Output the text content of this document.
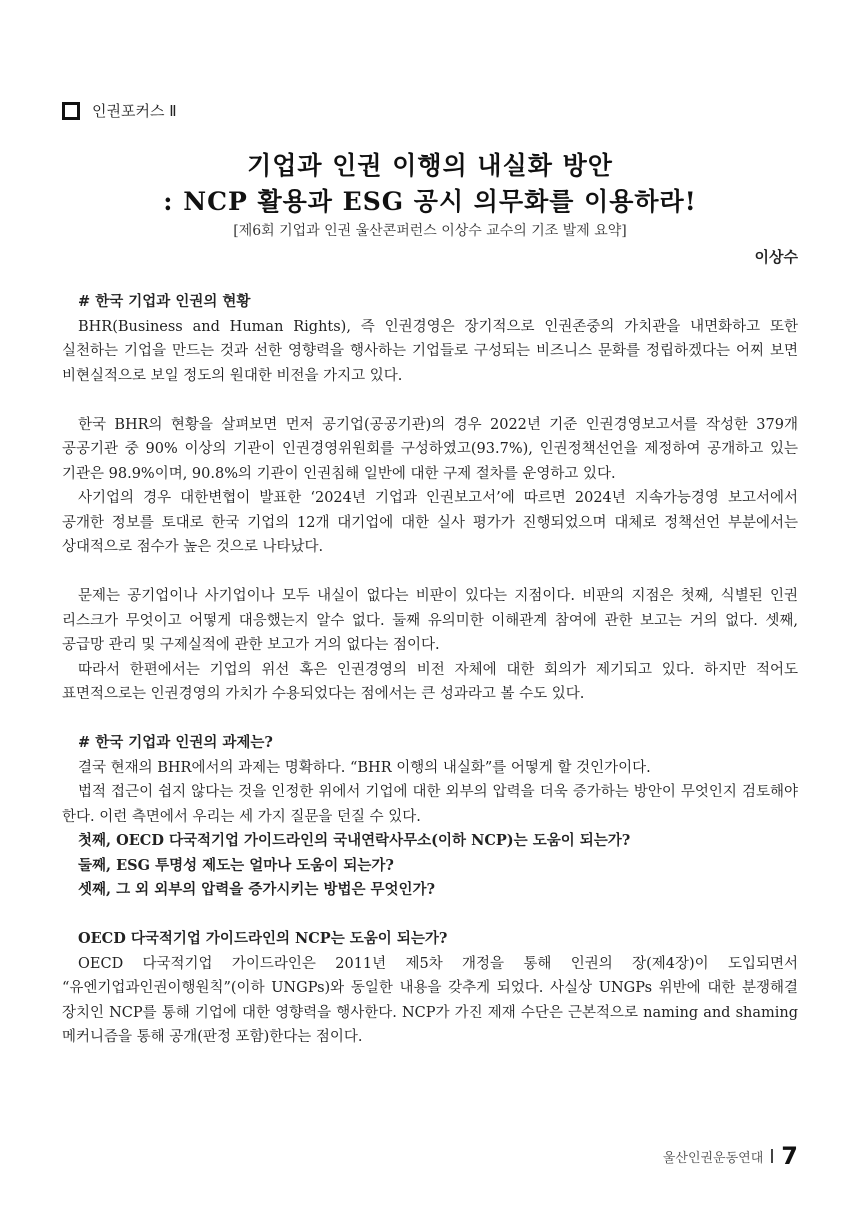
인권포커스 Ⅱ
기업과 인권 이행의 내실화 방안
: NCP 활용과 ESG 공시 의무화를 이용하라!
[제6회 기업과 인권 울산콘퍼런스 이상수 교수의 기조 발제 요약]
이상수

# 한국 기업과 인권의 현황

BHR(Business and Human Rights), 즉 인권경영은 장기적으로 인권존중의 가치관을 내면화하고 또한 실천하는 기업을 만드는 것과 선한 영향력을 행사하는 기업들로 구성되는 비즈니스 문화를 정립하겠다는 어찌 보면 비현실적으로 보일 정도의 원대한 비전을 가지고 있다.

한국 BHR의 현황을 살펴보면 먼저 공기업(공공기관)의 경우 2022년 기준 인권경영보고서를 작성한 379개 공공기관 중 90% 이상의 기관이 인권경영위원회를 구성하였고(93.7%), 인권정책선언을 제정하여 공개하고 있는 기관은 98.9%이며, 90.8%의 기관이 인권침해 일반에 대한 구제 절차를 운영하고 있다.

사기업의 경우 대한변협이 발표한 ‘2024년 기업과 인권보고서’에 따르면 2024년 지속가능경영 보고서에서 공개한 정보를 토대로 한국 기업의 12개 대기업에 대한 실사 평가가 진행되었으며 대체로 정책선언 부분에서는 상대적으로 점수가 높은 것으로 나타났다.

문제는 공기업이나 사기업이나 모두 내실이 없다는 비판이 있다는 지점이다. 비판의 지점은 첫째, 식별된 인권 리스크가 무엇이고 어떻게 대응했는지 알수 없다. 둘째 유의미한 이해관계 참여에 관한 보고는 거의 없다. 셋째, 공급망 관리 및 구제실적에 관한 보고가 거의 없다는 점이다.

따라서 한편에서는 기업의 위선 혹은 인권경영의 비전 자체에 대한 회의가 제기되고 있다. 하지만 적어도 표면적으로는 인권경영의 가치가 수용되었다는 점에서는 큰 성과라고 볼 수도 있다.

# 한국 기업과 인권의 과제는?

결국 현재의 BHR에서의 과제는 명확하다. “BHR 이행의 내실화”를 어떻게 할 것인가이다.

법적 접근이 쉽지 않다는 것을 인정한 위에서 기업에 대한 외부의 압력을 더욱 증가하는 방안이 무엇인지 검토해야 한다. 이런 측면에서 우리는 세 가지 질문을 던질 수 있다.

첫째, OECD 다국적기업 가이드라인의 국내연락사무소(이하 NCP)는 도움이 되는가?

둘째, ESG 투명성 제도는 얼마나 도움이 되는가?

셋째, 그 외 외부의 압력을 증가시키는 방법은 무엇인가?

OECD 다국적기업 가이드라인의 NCP는 도움이 되는가?

OECD 다국적기업 가이드라인은 2011년 제5차 개정을 통해 인권의 장(제4장)이 도입되면서 “유엔기업과인권이행원칙”(이하 UNGPs)와 동일한 내용을 갖추게 되었다. 사실상 UNGPs 위반에 대한 분쟁해결 장치인 NCP를 통해 기업에 대한 영향력을 행사한다. NCP가 가진 제재 수단은 근본적으로 naming and shaming 메커니즘을 통해 공개(판정 포함)한다는 점이다.

울산인권운동연대 7
